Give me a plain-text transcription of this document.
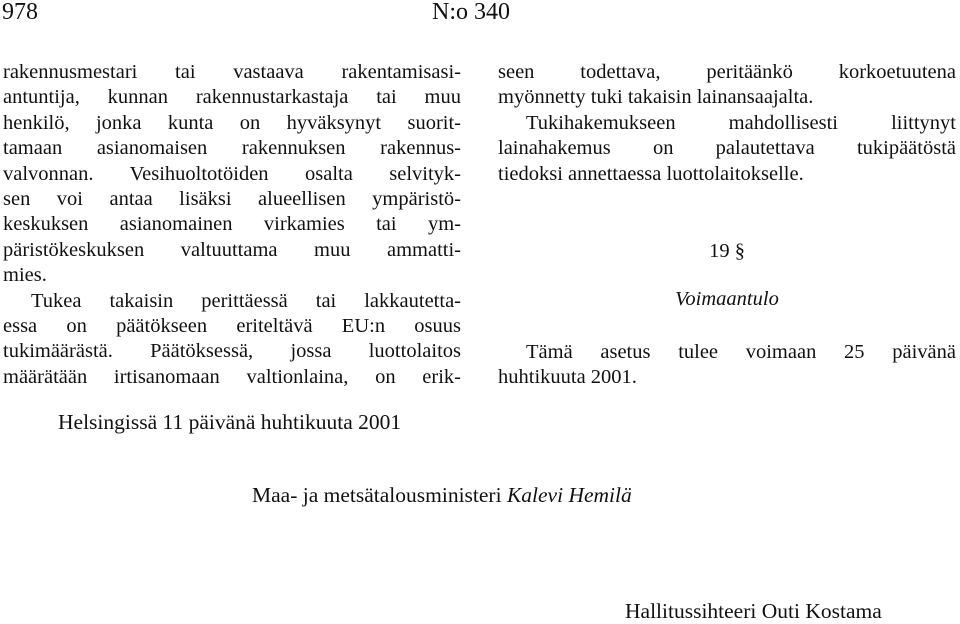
978	N:o 340
rakennusmestari tai vastaava rakentamisasi-
antuntija, kunnan rakennustarkastaja tai muu
henkilö, jonka kunta on hyväksynyt suorit-
tamaan asianomaisen rakennuksen rakennus-
valvonnan. Vesihuoltotöiden osalta selvityk-
sen voi antaa lisäksi alueellisen ympäristö-
keskuksen asianomainen virkamies tai ym-
päristökeskuksen valtuuttama muu ammatti-
mies.
Tukea takaisin perittäessä tai lakkautetta-
essa on päätökseen eriteltävä EU:n osuus
tukimäärästä. Päätöksessä, jossa luottolaitos
määrätään irtisanomaan valtionlaina, on erik-
seen todettava, peritäänkö korkoetuutena
myönnetty tuki takaisin lainansaajalta.
Tukihakemukseen mahdollisesti liittynyt
lainahakemus on palautettava tukipäätöstä
tiedoksi annettaessa luottolaitokselle.
19 §
Voimaantulo
Tämä asetus tulee voimaan 25 päivänä
huhtikuuta 2001.
Helsingissä 11 päivänä huhtikuuta 2001
Maa- ja metsätalousministeri Kalevi Hemilä
Hallitussihteeri Outi Kostama
